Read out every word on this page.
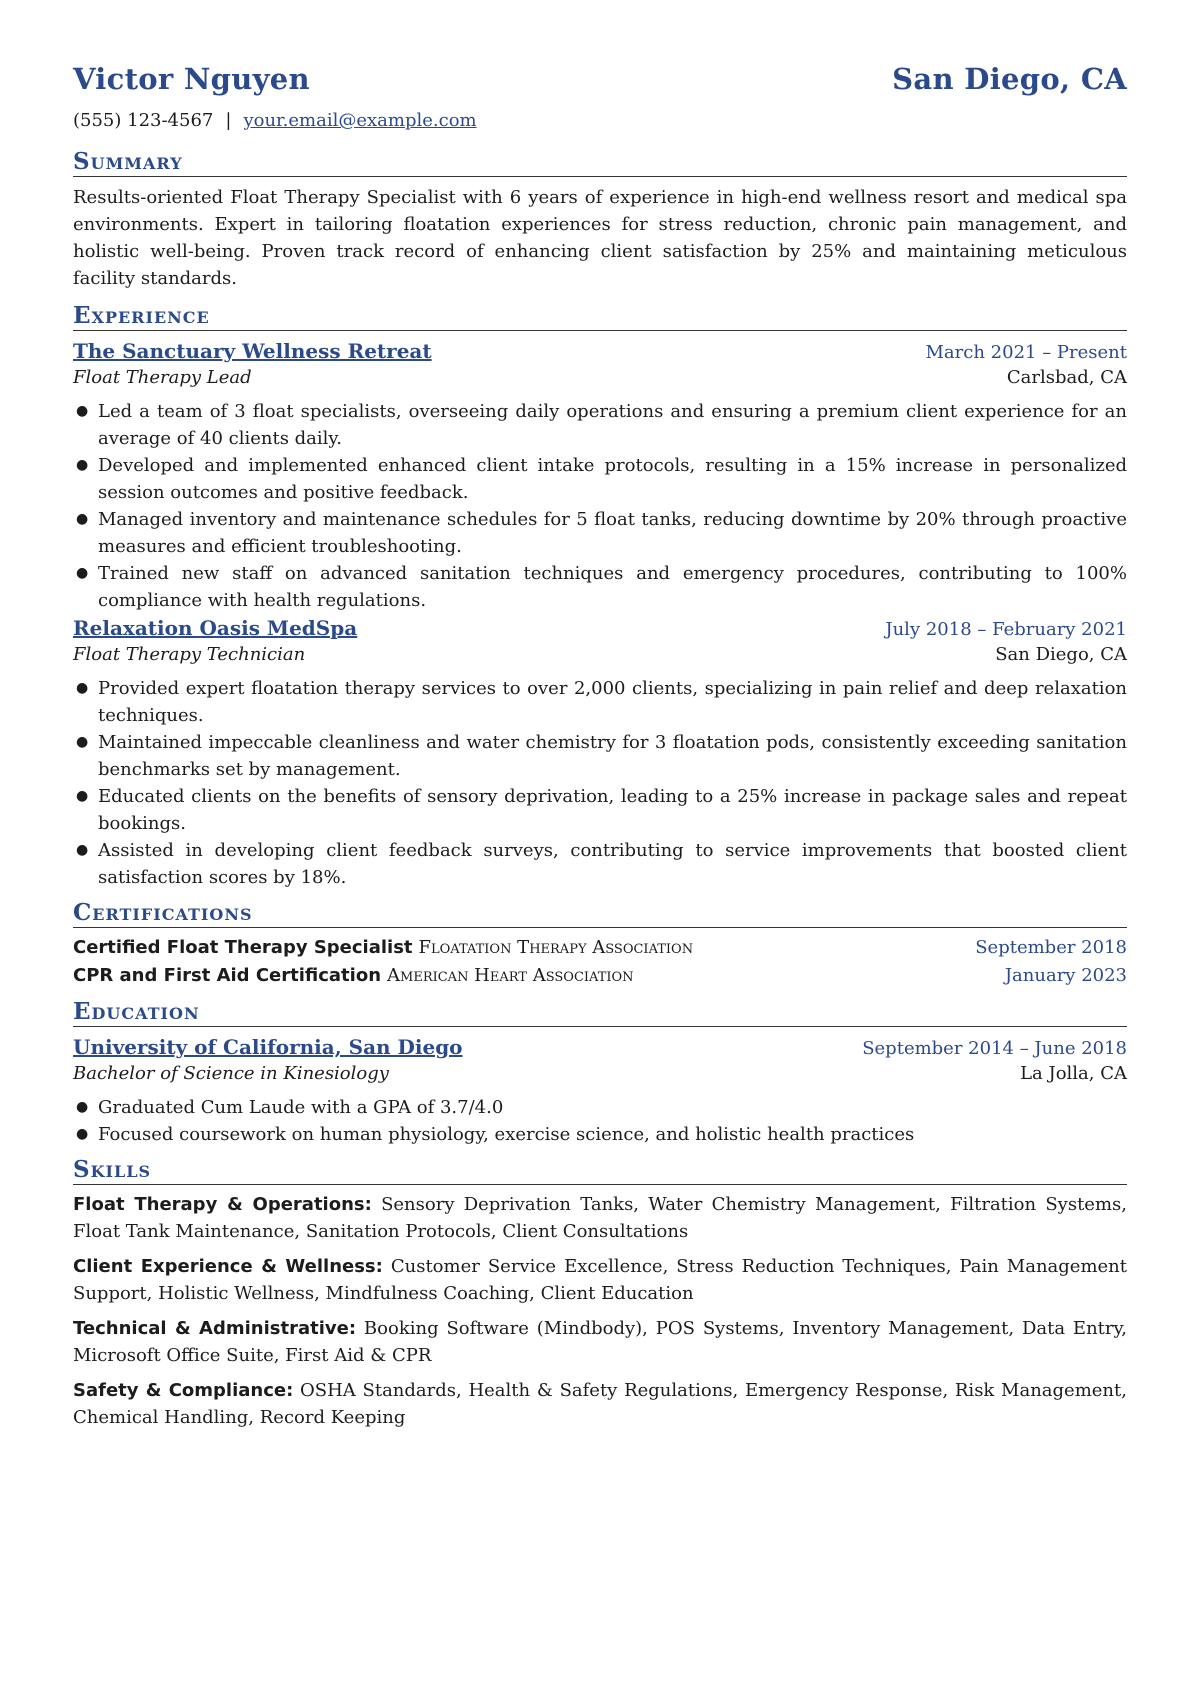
Victor Nguyen	San Diego, CA
(555) 123-4567 | your.email@example.com
Summary
Results-oriented Float Therapy Specialist with 6 years of experience in high-end wellness resort and medical spa environments. Expert in tailoring floatation experiences for stress reduction, chronic pain management, and holistic well-being. Proven track record of enhancing client satisfaction by 25% and maintaining meticulous facility standards.
Experience
The Sanctuary Wellness Retreat	March 2021 – Present
Float Therapy Lead	Carlsbad, CA
● Led a team of 3 float specialists, overseeing daily operations and ensuring a premium client experience for an average of 40 clients daily.
● Developed and implemented enhanced client intake protocols, resulting in a 15% increase in personalized session outcomes and positive feedback.
● Managed inventory and maintenance schedules for 5 float tanks, reducing downtime by 20% through proactive measures and efficient troubleshooting.
● Trained new staff on advanced sanitation techniques and emergency procedures, contributing to 100% compliance with health regulations.
Relaxation Oasis MedSpa	July 2018 – February 2021
Float Therapy Technician	San Diego, CA
● Provided expert floatation therapy services to over 2,000 clients, specializing in pain relief and deep relaxation techniques.
● Maintained impeccable cleanliness and water chemistry for 3 floatation pods, consistently exceeding sanitation benchmarks set by management.
● Educated clients on the benefits of sensory deprivation, leading to a 25% increase in package sales and repeat bookings.
● Assisted in developing client feedback surveys, contributing to service improvements that boosted client satisfaction scores by 18%.
Certifications
Certified Float Therapy Specialist Floatation Therapy Association	September 2018
CPR and First Aid Certification American Heart Association	January 2023
Education
University of California, San Diego	September 2014 – June 2018
Bachelor of Science in Kinesiology	La Jolla, CA
● Graduated Cum Laude with a GPA of 3.7/4.0
● Focused coursework on human physiology, exercise science, and holistic health practices
Skills
Float Therapy & Operations: Sensory Deprivation Tanks, Water Chemistry Management, Filtration Systems, Float Tank Maintenance, Sanitation Protocols, Client Consultations
Client Experience & Wellness: Customer Service Excellence, Stress Reduction Techniques, Pain Management Support, Holistic Wellness, Mindfulness Coaching, Client Education
Technical & Administrative: Booking Software (Mindbody), POS Systems, Inventory Management, Data Entry, Microsoft Office Suite, First Aid & CPR
Safety & Compliance: OSHA Standards, Health & Safety Regulations, Emergency Response, Risk Management, Chemical Handling, Record Keeping
